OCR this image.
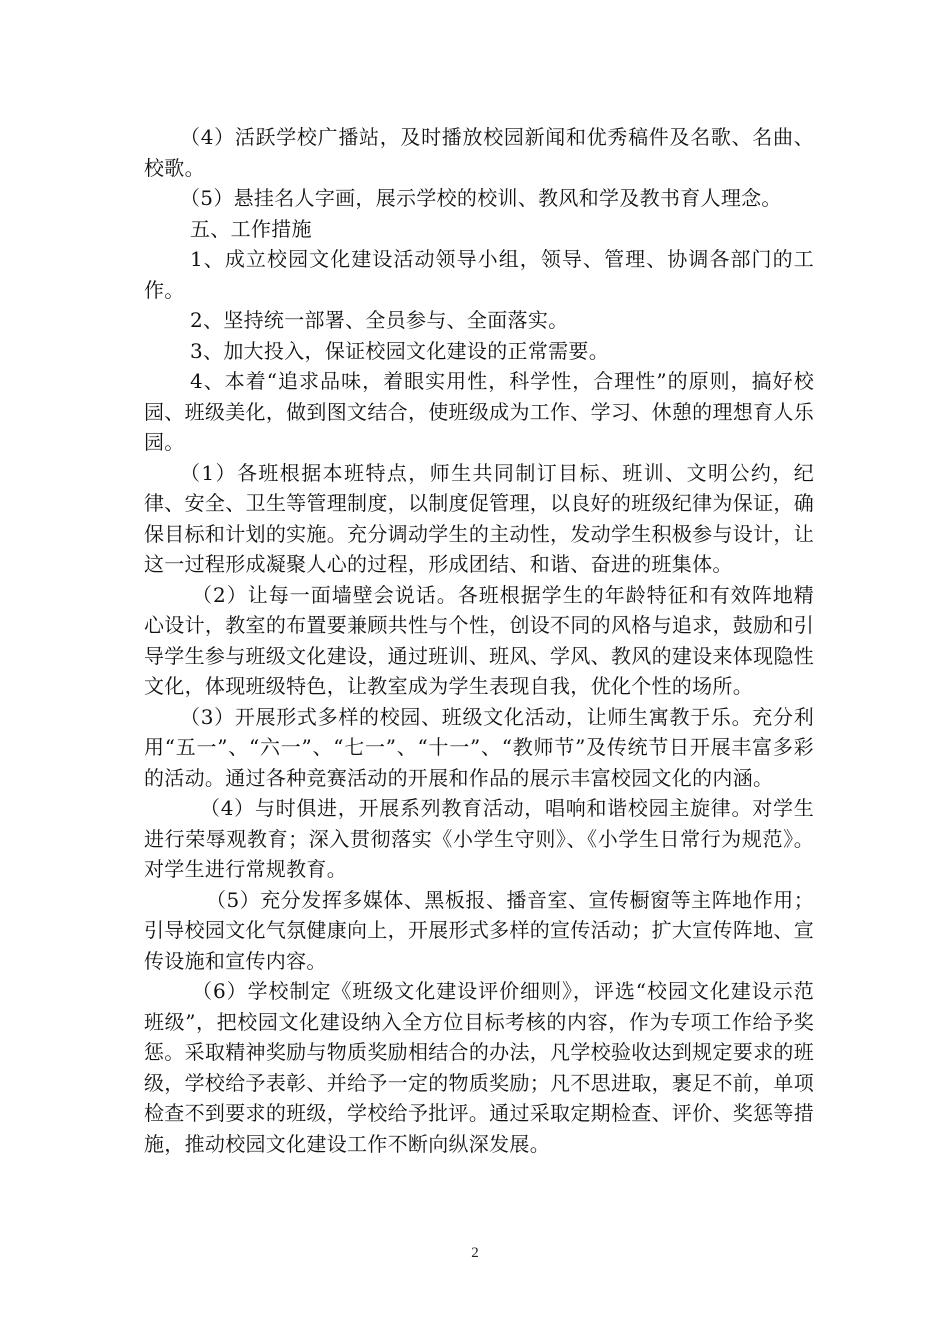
（4）活跃学校广播站，及时播放校园新闻和优秀稿件及名歌、名曲、校歌。

（5）悬挂名人字画，展示学校的校训、教风和学及教书育人理念。

五、工作措施

1、成立校园文化建设活动领导小组，领导、管理、协调各部门的工作。

2、坚持统一部署、全员参与、全面落实。

3、加大投入，保证校园文化建设的正常需要。

4、本着“追求品味，着眼实用性，科学性，合理性”的原则，搞好校园、班级美化，做到图文结合，使班级成为工作、学习、休憩的理想育人乐园。

（1）各班根据本班特点，师生共同制订目标、班训、文明公约，纪律、安全、卫生等管理制度，以制度促管理，以良好的班级纪律为保证，确保目标和计划的实施。充分调动学生的主动性，发动学生积极参与设计，让这一过程形成凝聚人心的过程，形成团结、和谐、奋进的班集体。

（2）让每一面墙壁会说话。各班根据学生的年龄特征和有效阵地精心设计，教室的布置要兼顾共性与个性，创设不同的风格与追求，鼓励和引导学生参与班级文化建设，通过班训、班风、学风、教风的建设来体现隐性文化，体现班级特色，让教室成为学生表现自我，优化个性的场所。

（3）开展形式多样的校园、班级文化活动，让师生寓教于乐。充分利用“五一”、“六一”、“七一”、“十一”、“教师节”及传统节日开展丰富多彩的活动。通过各种竞赛活动的开展和作品的展示丰富校园文化的内涵。

（4）与时俱进，开展系列教育活动，唱响和谐校园主旋律。对学生进行荣辱观教育；深入贯彻落实《小学生守则》、《小学生日常行为规范》。对学生进行常规教育。

（5）充分发挥多媒体、黑板报、播音室、宣传橱窗等主阵地作用；引导校园文化气氛健康向上，开展形式多样的宣传活动；扩大宣传阵地、宣传设施和宣传内容。

（6）学校制定《班级文化建设评价细则》，评选“校园文化建设示范班级”，把校园文化建设纳入全方位目标考核的内容，作为专项工作给予奖惩。采取精神奖励与物质奖励相结合的办法，凡学校验收达到规定要求的班级，学校给予表彰、并给予一定的物质奖励；凡不思进取，裹足不前，单项检查不到要求的班级，学校给予批评。通过采取定期检查、评价、奖惩等措施，推动校园文化建设工作不断向纵深发展。

2
